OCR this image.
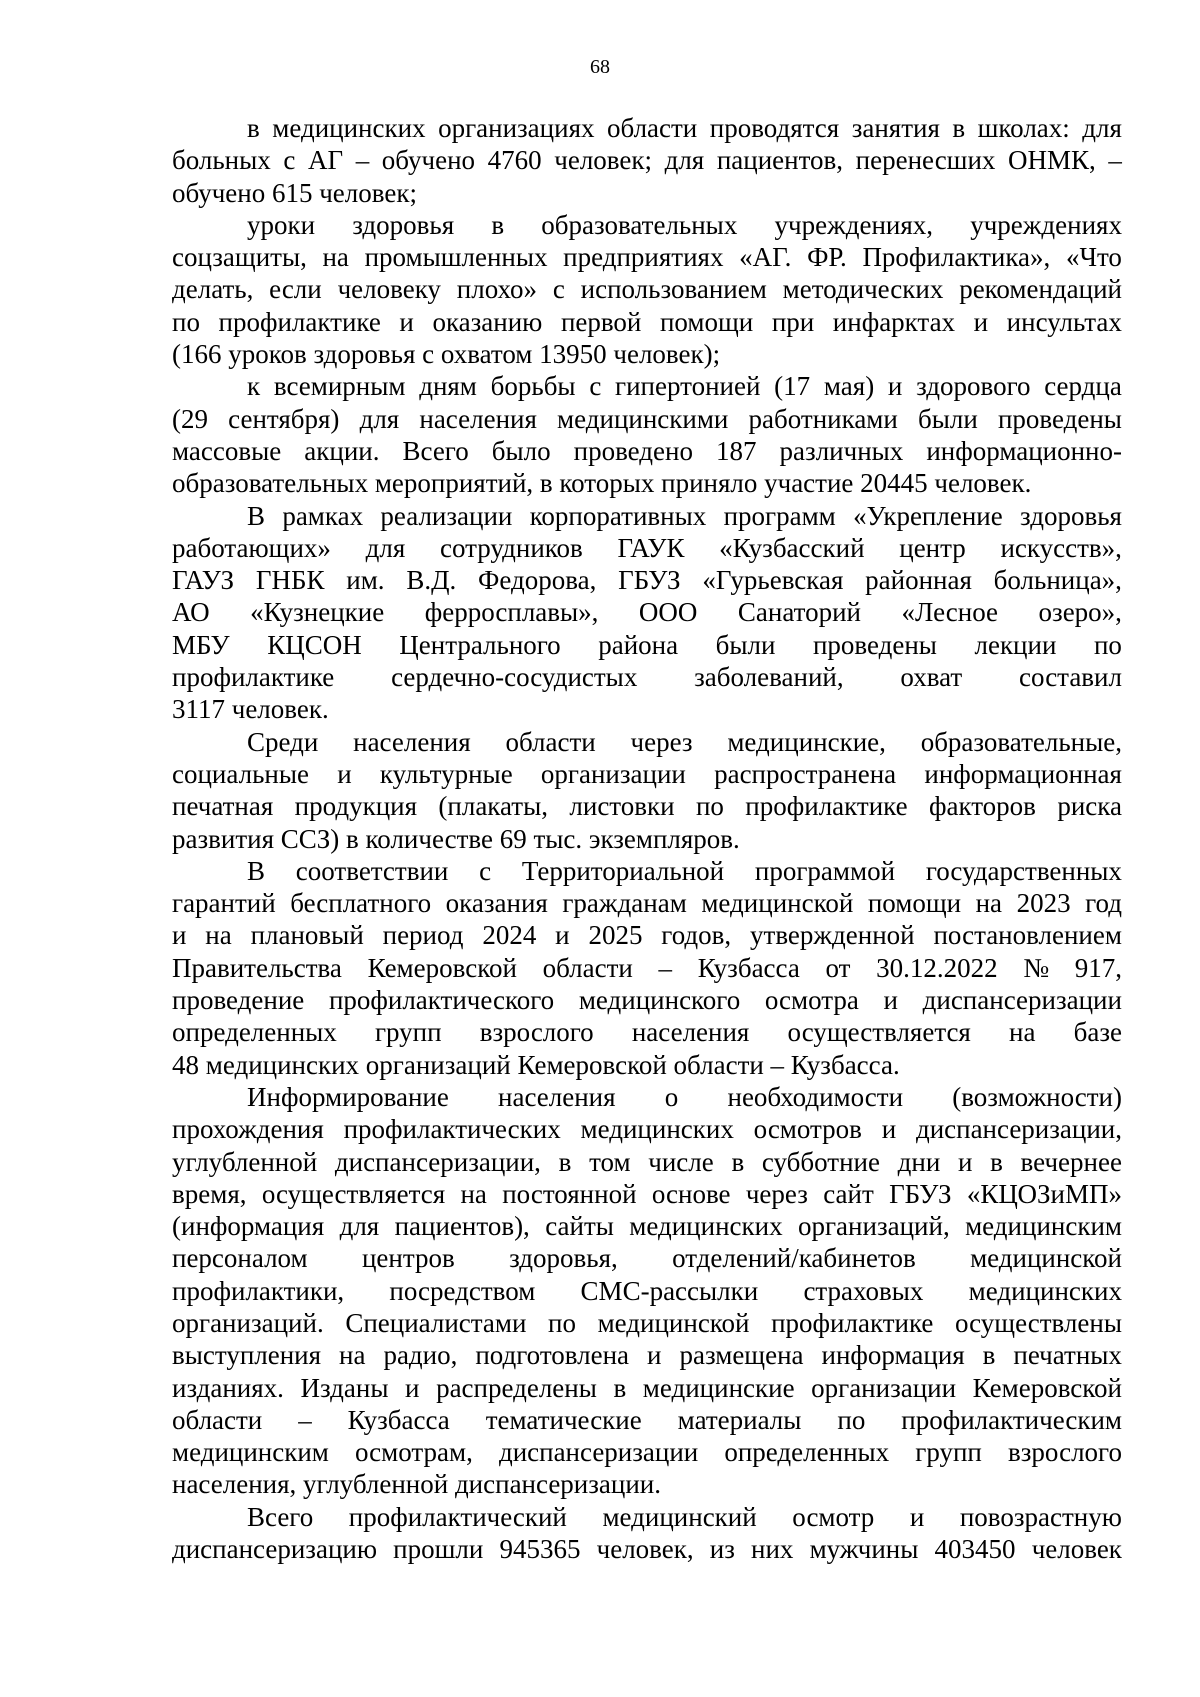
68
в медицинских организациях области проводятся занятия в школах: для
больных с АГ – обучено 4760 человек; для пациентов, перенесших ОНМК, –
обучено 615 человек;
уроки здоровья в образовательных учреждениях, учреждениях
соцзащиты, на промышленных предприятиях «АГ. ФР. Профилактика», «Что
делать, если человеку плохо» с использованием методических рекомендаций
по профилактике и оказанию первой помощи при инфарктах и инсультах
(166 уроков здоровья с охватом 13950 человек);
к всемирным дням борьбы с гипертонией (17 мая) и здорового сердца
(29 сентября) для населения медицинскими работниками были проведены
массовые акции. Всего было проведено 187 различных информационно-
образовательных мероприятий, в которых приняло участие 20445 человек.
В рамках реализации корпоративных программ «Укрепление здоровья
работающих» для сотрудников ГАУК «Кузбасский центр искусств»,
ГАУЗ ГНБК им. В.Д. Федорова, ГБУЗ «Гурьевская районная больница»,
АО «Кузнецкие ферросплавы», ООО Санаторий «Лесное озеро»,
МБУ КЦСОН Центрального района были проведены лекции по
профилактике сердечно-сосудистых заболеваний, охват составил
3117 человек.
Среди населения области через медицинские, образовательные,
социальные и культурные организации распространена информационная
печатная продукция (плакаты, листовки по профилактике факторов риска
развития ССЗ) в количестве 69 тыс. экземпляров.
В соответствии с Территориальной программой государственных
гарантий бесплатного оказания гражданам медицинской помощи на 2023 год
и на плановый период 2024 и 2025 годов, утвержденной постановлением
Правительства Кемеровской области – Кузбасса от 30.12.2022 № 917,
проведение профилактического медицинского осмотра и диспансеризации
определенных групп взрослого населения осуществляется на базе
48 медицинских организаций Кемеровской области – Кузбасса.
Информирование населения о необходимости (возможности)
прохождения профилактических медицинских осмотров и диспансеризации,
углубленной диспансеризации, в том числе в субботние дни и в вечернее
время, осуществляется на постоянной основе через сайт ГБУЗ «КЦОЗиМП»
(информация для пациентов), сайты медицинских организаций, медицинским
персоналом центров здоровья, отделений/кабинетов медицинской
профилактики, посредством СМС-рассылки страховых медицинских
организаций. Специалистами по медицинской профилактике осуществлены
выступления на радио, подготовлена и размещена информация в печатных
изданиях. Изданы и распределены в медицинские организации Кемеровской
области – Кузбасса тематические материалы по профилактическим
медицинским осмотрам, диспансеризации определенных групп взрослого
населения, углубленной диспансеризации.
Всего профилактический медицинский осмотр и повозрастную
диспансеризацию прошли 945365 человек, из них мужчины 403450 человек
